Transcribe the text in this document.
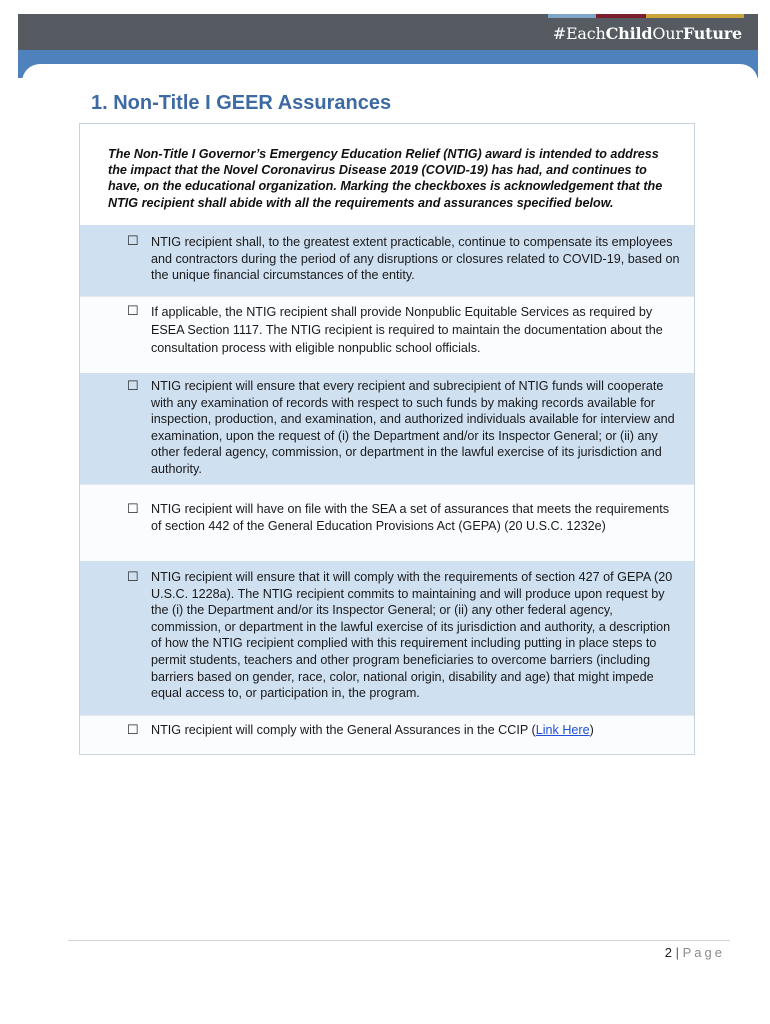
#EachChildOurFuture
1. Non-Title I GEER Assurances
The Non-Title I Governor’s Emergency Education Relief (NTIG) award is intended to address the impact that the Novel Coronavirus Disease 2019 (COVID-19) has had, and continues to have, on the educational organization. Marking the checkboxes is acknowledgement that the NTIG recipient shall abide with all the requirements and assurances specified below.
☐ NTIG recipient shall, to the greatest extent practicable, continue to compensate its employees and contractors during the period of any disruptions or closures related to COVID-19, based on the unique financial circumstances of the entity.
☐ If applicable, the NTIG recipient shall provide Nonpublic Equitable Services as required by ESEA Section 1117. The NTIG recipient is required to maintain the documentation about the consultation process with eligible nonpublic school officials.
☐ NTIG recipient will ensure that every recipient and subrecipient of NTIG funds will cooperate with any examination of records with respect to such funds by making records available for inspection, production, and examination, and authorized individuals available for interview and examination, upon the request of (i) the Department and/or its Inspector General; or (ii) any other federal agency, commission, or department in the lawful exercise of its jurisdiction and authority.
☐ NTIG recipient will have on file with the SEA a set of assurances that meets the requirements of section 442 of the General Education Provisions Act (GEPA) (20 U.S.C. 1232e)
☐ NTIG recipient will ensure that it will comply with the requirements of section 427 of GEPA (20 U.S.C. 1228a). The NTIG recipient commits to maintaining and will produce upon request by the (i) the Department and/or its Inspector General; or (ii) any other federal agency, commission, or department in the lawful exercise of its jurisdiction and authority, a description of how the NTIG recipient complied with this requirement including putting in place steps to permit students, teachers and other program beneficiaries to overcome barriers (including barriers based on gender, race, color, national origin, disability and age) that might impede equal access to, or participation in, the program.
☐ NTIG recipient will comply with the General Assurances in the CCIP (Link Here)
2 | Page
